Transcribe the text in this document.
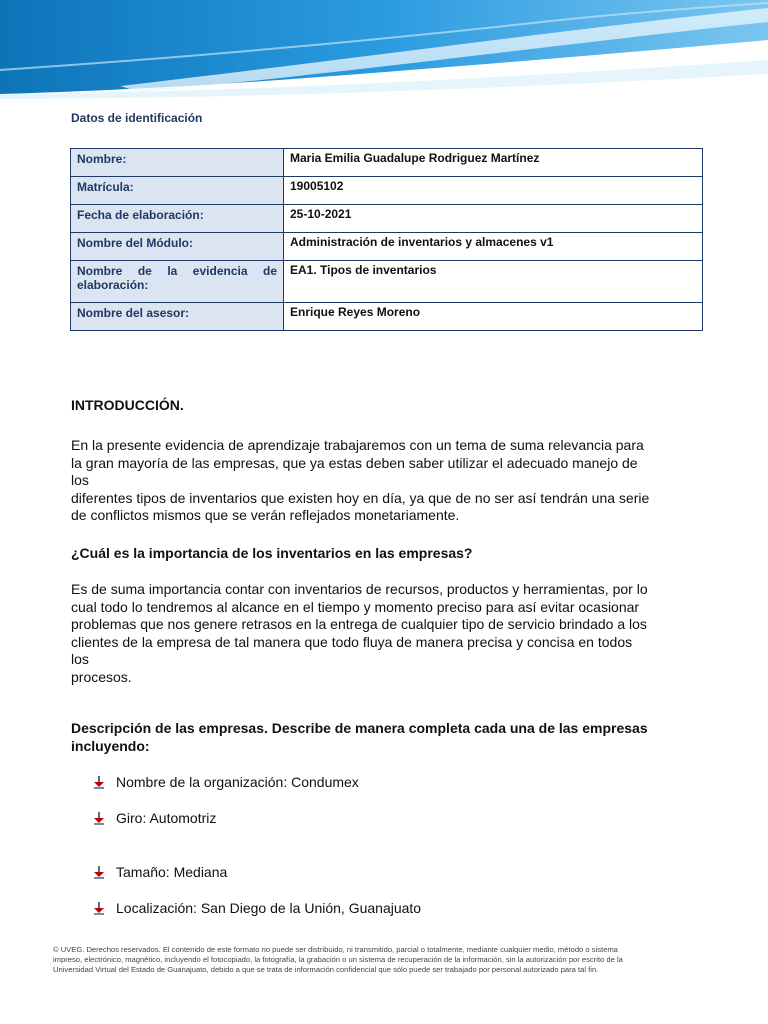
Datos de identificación
Nombre:	Maria Emilia Guadalupe Rodriguez Martínez
Matrícula:	19005102
Fecha de elaboración:	25-10-2021
Nombre del Módulo:	Administración de inventarios y almacenes v1
Nombre de la evidencia de elaboración:	EA1. Tipos de inventarios
Nombre del asesor:	Enrique Reyes Moreno
INTRODUCCIÓN.
En la presente evidencia de aprendizaje trabajaremos con un tema de suma relevancia para
la gran mayoría de las empresas, que ya estas deben saber utilizar el adecuado manejo de
los
diferentes tipos de inventarios que existen hoy en día, ya que de no ser así tendrán una serie
de conflictos mismos que se verán reflejados monetariamente.
¿Cuál es la importancia de los inventarios en las empresas?
Es de suma importancia contar con inventarios de recursos, productos y herramientas, por lo
cual todo lo tendremos al alcance en el tiempo y momento preciso para así evitar ocasionar
problemas que nos genere retrasos en la entrega de cualquier tipo de servicio brindado a los
clientes de la empresa de tal manera que todo fluya de manera precisa y concisa en todos
los
procesos.
Descripción de las empresas. Describe de manera completa cada una de las empresas
incluyendo:
Nombre de la organización: Condumex
Giro: Automotriz
Tamaño: Mediana
Localización: San Diego de la Unión, Guanajuato
© UVEG. Derechos reservados. El contenido de este formato no puede ser distribuido, ni transmitido, parcial o totalmente, mediante cualquier medio, método o sistema
impreso, electrónico, magnético, incluyendo el fotocopiado, la fotografía, la grabación o un sistema de recuperación de la información, sin la autorización por escrito de la
Universidad Virtual del Estado de Guanajuato, debido a que se trata de información confidencial que sólo puede ser trabajado por personal autorizado para tal fin.
